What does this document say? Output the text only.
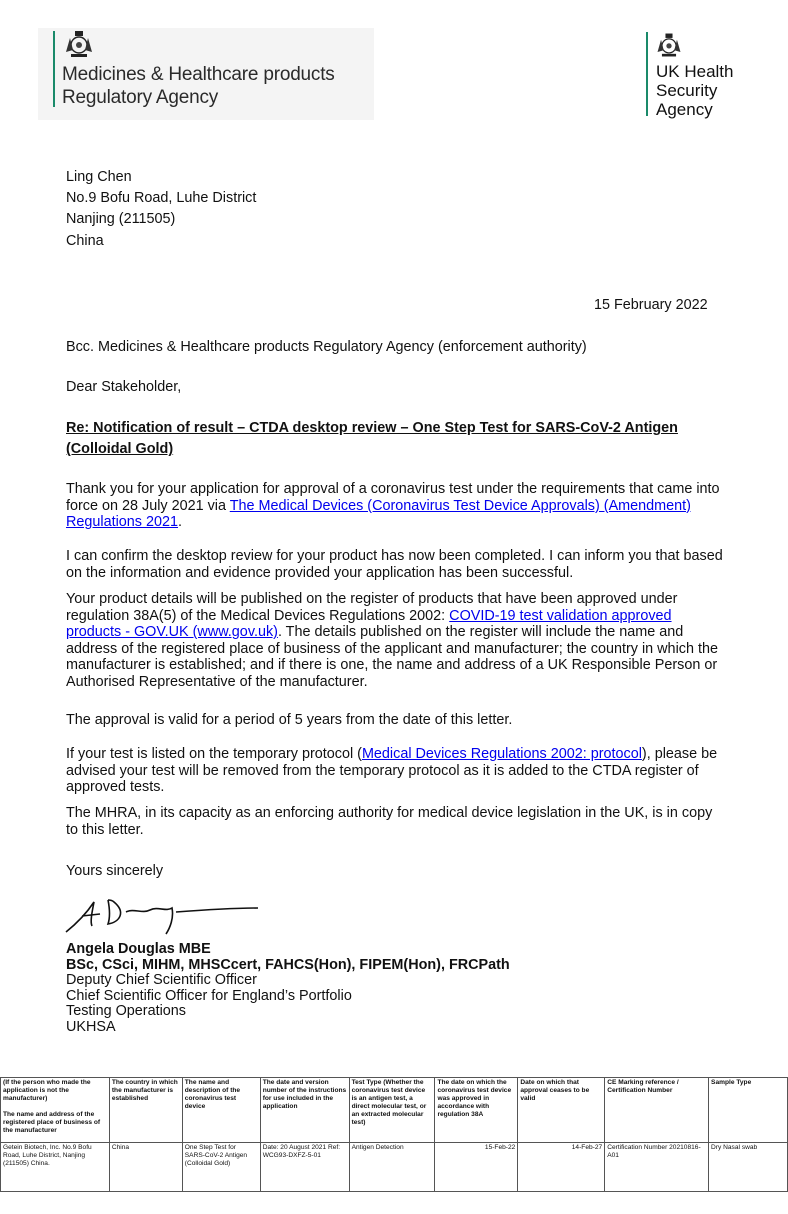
Medicines & Healthcare products
Regulatory Agency
UK Health
Security
Agency
Ling Chen
No.9 Bofu Road, Luhe District
Nanjing (211505)
China
15 February 2022
Bcc. Medicines & Healthcare products Regulatory Agency (enforcement authority)
Dear Stakeholder,
Re: Notification of result – CTDA desktop review – One Step Test for SARS-CoV-2 Antigen
(Colloidal Gold)
Thank you for your application for approval of a coronavirus test under the requirements that came into force on 28 July 2021 via The Medical Devices (Coronavirus Test Device Approvals) (Amendment) Regulations 2021.
I can confirm the desktop review for your product has now been completed. I can inform you that based on the information and evidence provided your application has been successful.
Your product details will be published on the register of products that have been approved under regulation 38A(5) of the Medical Devices Regulations 2002: COVID-19 test validation approved products - GOV.UK (www.gov.uk). The details published on the register will include the name and address of the registered place of business of the applicant and manufacturer; the country in which the manufacturer is established; and if there is one, the name and address of a UK Responsible Person or Authorised Representative of the manufacturer.
The approval is valid for a period of 5 years from the date of this letter.
If your test is listed on the temporary protocol (Medical Devices Regulations 2002: protocol), please be advised your test will be removed from the temporary protocol as it is added to the CTDA register of approved tests.
The MHRA, in its capacity as an enforcing authority for medical device legislation in the UK, is in copy to this letter.
Yours sincerely
Angela Douglas MBE
BSc, CSci, MIHM, MHSCcert, FAHCS(Hon), FIPEM(Hon), FRCPath
Deputy Chief Scientific Officer
Chief Scientific Officer for England’s Portfolio
Testing Operations
UKHSA
(If the person who made the application is not the manufacturer)
The name and address of the registered place of business of the manufacturer	The country in which the manufacturer is established	The name and description of the coronavirus test device	The date and version number of the instructions for use included in the application	Test Type (Whether the coronavirus test device is an antigen test, a direct molecular test, or an extracted molecular test)	The date on which the coronavirus test device was approved in accordance with regulation 38A	Date on which that approval ceases to be valid	CE Marking reference / Certification Number	Sample Type
Getein Biotech, Inc. No.9 Bofu Road, Luhe District, Nanjing (211505) China.	China	One Step Test for SARS-CoV-2 Antigen (Colloidal Gold)	Date: 20 August 2021 Ref: WCG93-DXFZ-5-01	Antigen Detection	15-Feb-22	14-Feb-27	Certification Number 20210816-A01	Dry Nasal swab
